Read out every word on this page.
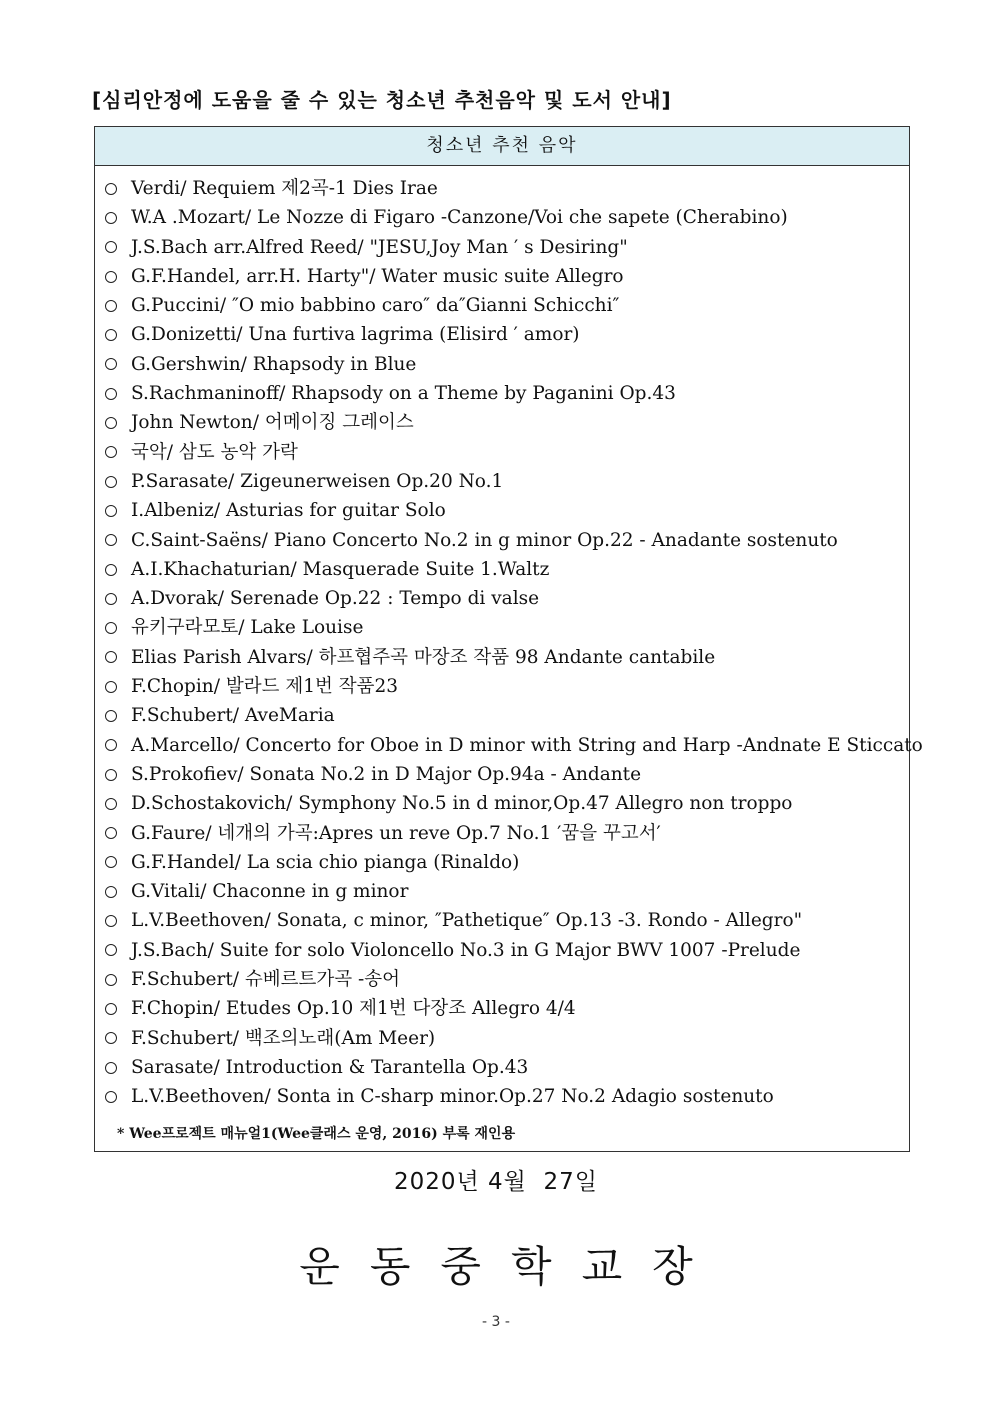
[심리안정에 도움을 줄 수 있는 청소년 추천음악 및 도서 안내]
청소년 추천 음악
Verdi/ Requiem 제2곡-1 Dies Irae
W.A .Mozart/ Le Nozze di Figaro -Canzone/Voi che sapete (Cherabino)
J.S.Bach arr.Alfred Reed/ "JESU,Joy Man ′ s Desiring"
G.F.Handel, arr.H. Harty"/ Water music suite Allegro
G.Puccini/ ″O mio babbino caro″ da″Gianni Schicchi″
G.Donizetti/ Una furtiva lagrima (Elisird ′ amor)
G.Gershwin/ Rhapsody in Blue
S.Rachmaninoff/ Rhapsody on a Theme by Paganini Op.43
John Newton/ 어메이징 그레이스
국악/ 삼도 농악 가락
P.Sarasate/ Zigeunerweisen Op.20 No.1
I.Albeniz/ Asturias for guitar Solo
C.Saint-Saëns/ Piano Concerto No.2 in g minor Op.22 - Anadante sostenuto
A.I.Khachaturian/ Masquerade Suite 1.Waltz
A.Dvorak/ Serenade Op.22 : Tempo di valse
유키구라모토/ Lake Louise
Elias Parish Alvars/ 하프협주곡 마장조 작품 98 Andante cantabile
F.Chopin/ 발라드 제1번 작품23
F.Schubert/ AveMaria
A.Marcello/ Concerto for Oboe in D minor with String and Harp -Andnate E Sticcato
S.Prokofiev/ Sonata No.2 in D Major Op.94a - Andante
D.Schostakovich/ Symphony No.5 in d minor,Op.47 Allegro non troppo
G.Faure/ 네개의 가곡:Apres un reve Op.7 No.1 ′꿈을 꾸고서′
G.F.Handel/ La scia chio pianga (Rinaldo)
G.Vitali/ Chaconne in g minor
L.V.Beethoven/ Sonata, c minor, ″Pathetique″ Op.13 -3. Rondo - Allegro"
J.S.Bach/ Suite for solo Violoncello No.3 in G Major BWV 1007 -Prelude
F.Schubert/ 슈베르트가곡 -송어
F.Chopin/ Etudes Op.10 제1번 다장조 Allegro 4/4
F.Schubert/ 백조의노래(Am Meer)
Sarasate/ Introduction & Tarantella Op.43
L.V.Beethoven/ Sonta in C-sharp minor.Op.27 No.2 Adagio sostenuto
* Wee프로젝트 매뉴얼1(Wee클래스 운영, 2016) 부록 재인용
2020년 4월  27일
운동중학교장
- 3 -
